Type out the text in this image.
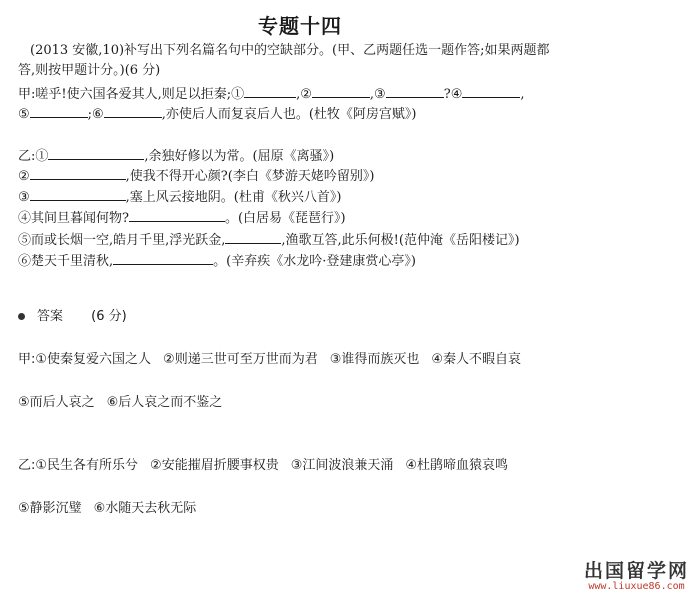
专题十四
(2013 安徽,10)补写出下列名篇名句中的空缺部分。(甲、乙两题任选一题作答;如果两题都
答,则按甲题计分。)(6 分)
甲:嗟乎!使六国各爱其人,则足以拒秦;①	,②	,③	?④	,
⑤	;⑥	,亦使后人而复哀后人也。(杜牧《阿房宫赋》)
乙:①	,余独好修以为常。(屈原《离骚》)
②	,使我不得开心颜?(李白《梦游天姥吟留别》)
③	,塞上风云接地阴。(杜甫《秋兴八首》)
④其间旦暮闻何物?	。(白居易《琵琶行》)
⑤而或长烟一空,皓月千里,浮光跃金,	,渔歌互答,此乐何极!(范仲淹《岳阳楼记》)
⑥楚天千里清秋,	。(辛弃疾《水龙吟·登建康赏心亭》)
答案 (6 分)
甲:①使秦复爱六国之人 ②则递三世可至万世而为君 ③谁得而族灭也 ④秦人不暇自哀
⑤而后人哀之 ⑥后人哀之而不鉴之
乙:①民生各有所乐兮 ②安能摧眉折腰事权贵 ③江间波浪兼天涌 ④杜鹃啼血猿哀鸣
⑤静影沉璧 ⑥水随天去秋无际
出国留学网
www.liuxue86.com
